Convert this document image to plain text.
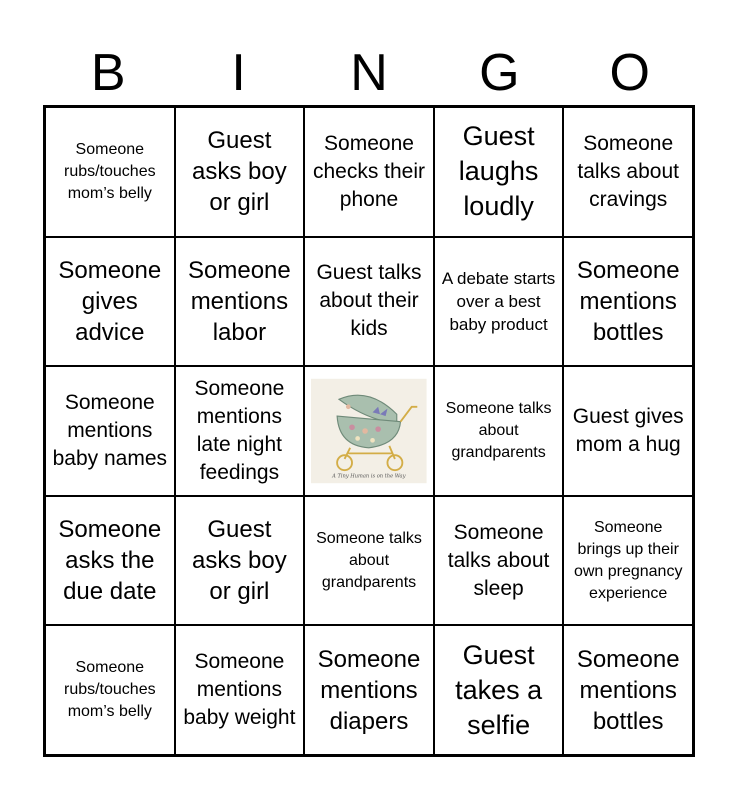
B	I	N	G	O
Someone rubs/touches mom’s belly
Guest asks boy or girl
Someone checks their phone
Guest laughs loudly
Someone talks about cravings
Someone gives advice
Someone mentions labor
Guest talks about their kids
A debate starts over a best baby product
Someone mentions bottles
Someone mentions baby names
Someone mentions late night feedings	A Tiny Human is on the Way
Someone talks about grandparents
Guest gives mom a hug
Someone asks the due date
Guest asks boy or girl
Someone talks about grandparents
Someone talks about sleep
Someone brings up their own pregnancy experience
Someone rubs/touches mom’s belly
Someone mentions baby weight
Someone mentions diapers
Guest takes a selfie
Someone mentions bottles
